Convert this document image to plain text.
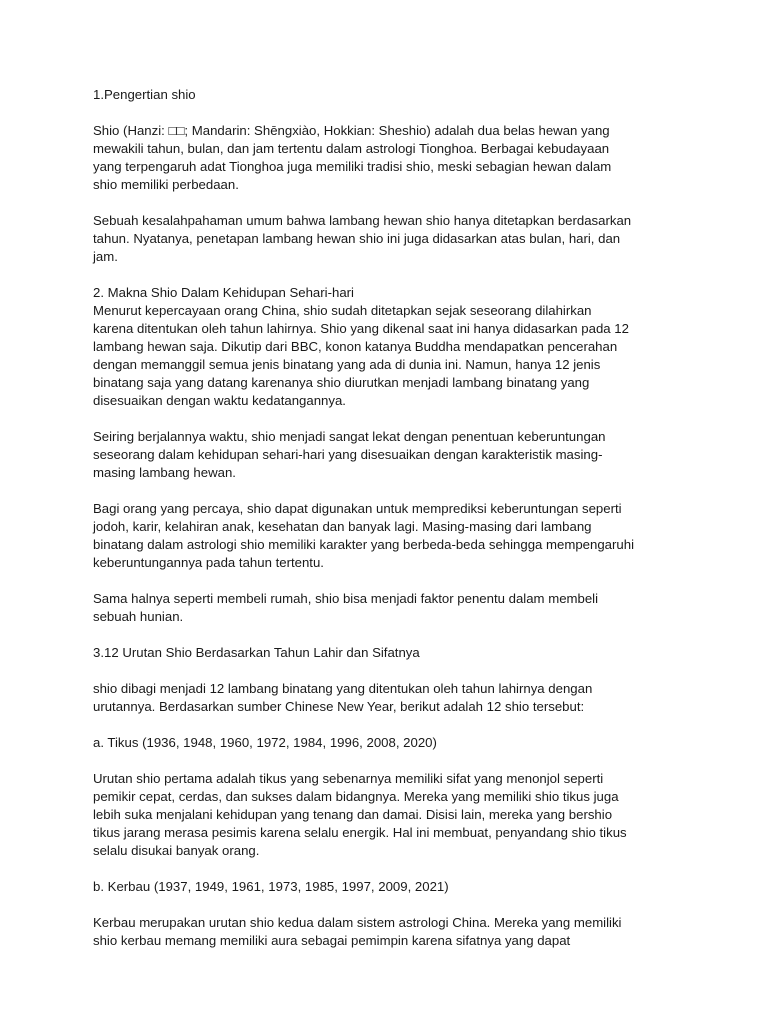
1.Pengertian shio
Shio (Hanzi: □□; Mandarin: Shēngxiào, Hokkian: Sheshio) adalah dua belas hewan yang
mewakili tahun, bulan, dan jam tertentu dalam astrologi Tionghoa. Berbagai kebudayaan
yang terpengaruh adat Tionghoa juga memiliki tradisi shio, meski sebagian hewan dalam
shio memiliki perbedaan.
Sebuah kesalahpahaman umum bahwa lambang hewan shio hanya ditetapkan berdasarkan
tahun. Nyatanya, penetapan lambang hewan shio ini juga didasarkan atas bulan, hari, dan
jam.
2. Makna Shio Dalam Kehidupan Sehari-hari
Menurut kepercayaan orang China, shio sudah ditetapkan sejak seseorang dilahirkan
karena ditentukan oleh tahun lahirnya. Shio yang dikenal saat ini hanya didasarkan pada 12
lambang hewan saja. Dikutip dari BBC, konon katanya Buddha mendapatkan pencerahan
dengan memanggil semua jenis binatang yang ada di dunia ini. Namun, hanya 12 jenis
binatang saja yang datang karenanya shio diurutkan menjadi lambang binatang yang
disesuaikan dengan waktu kedatangannya.
Seiring berjalannya waktu, shio menjadi sangat lekat dengan penentuan keberuntungan
seseorang dalam kehidupan sehari-hari yang disesuaikan dengan karakteristik masing-
masing lambang hewan.
Bagi orang yang percaya, shio dapat digunakan untuk memprediksi keberuntungan seperti
jodoh, karir, kelahiran anak, kesehatan dan banyak lagi. Masing-masing dari lambang
binatang dalam astrologi shio memiliki karakter yang berbeda-beda sehingga mempengaruhi
keberuntungannya pada tahun tertentu.
Sama halnya seperti membeli rumah, shio bisa menjadi faktor penentu dalam membeli
sebuah hunian.
3.12 Urutan Shio Berdasarkan Tahun Lahir dan Sifatnya
shio dibagi menjadi 12 lambang binatang yang ditentukan oleh tahun lahirnya dengan
urutannya. Berdasarkan sumber Chinese New Year, berikut adalah 12 shio tersebut:
a. Tikus (1936, 1948, 1960, 1972, 1984, 1996, 2008, 2020)
Urutan shio pertama adalah tikus yang sebenarnya memiliki sifat yang menonjol seperti
pemikir cepat, cerdas, dan sukses dalam bidangnya. Mereka yang memiliki shio tikus juga
lebih suka menjalani kehidupan yang tenang dan damai. Disisi lain, mereka yang bershio
tikus jarang merasa pesimis karena selalu energik. Hal ini membuat, penyandang shio tikus
selalu disukai banyak orang.
b. Kerbau (1937, 1949, 1961, 1973, 1985, 1997, 2009, 2021)
Kerbau merupakan urutan shio kedua dalam sistem astrologi China. Mereka yang memiliki
shio kerbau memang memiliki aura sebagai pemimpin karena sifatnya yang dapat
